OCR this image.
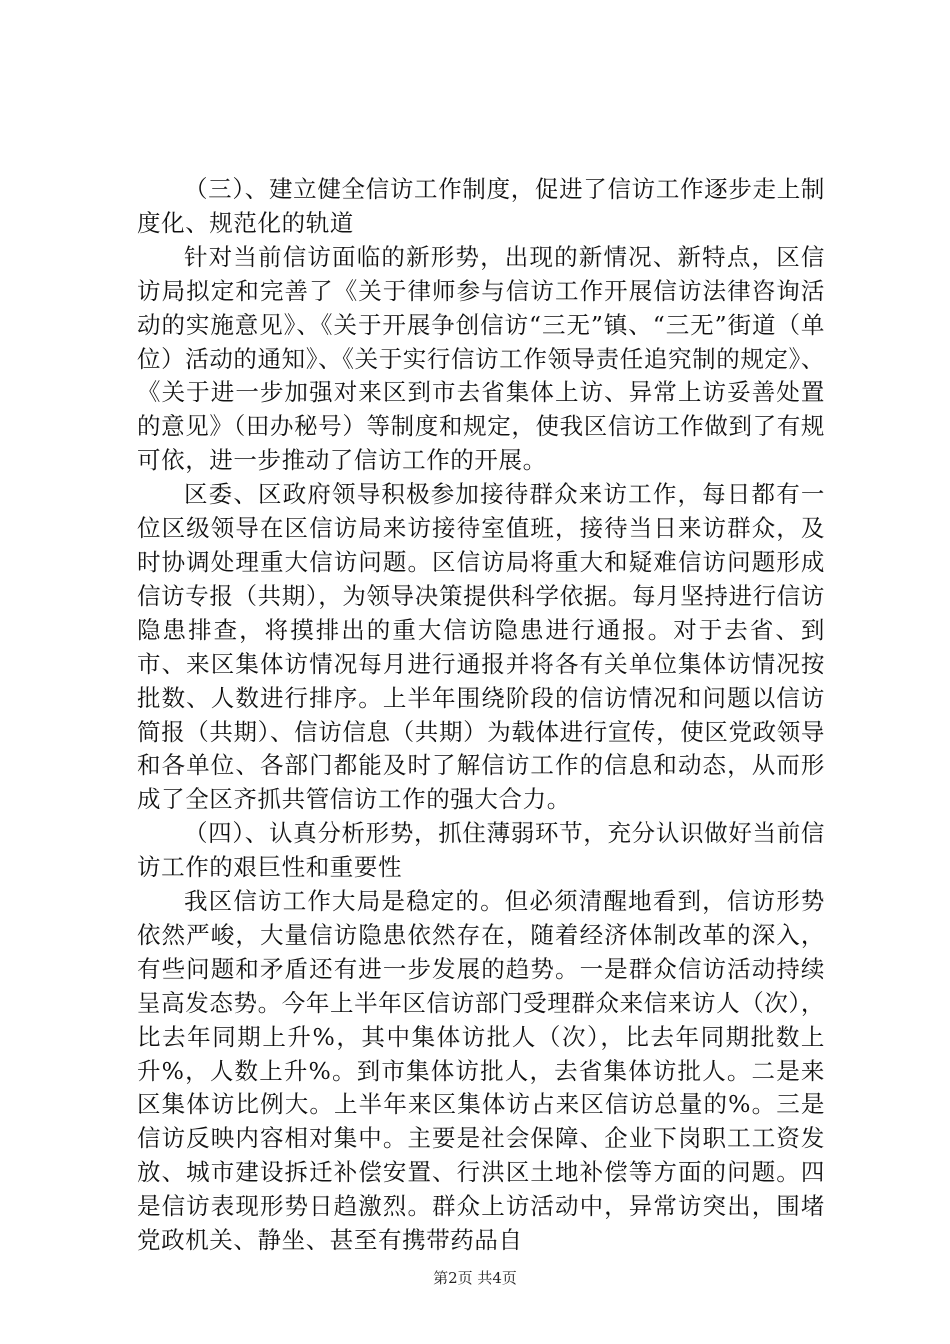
（三）、建立健全信访工作制度，促进了信访工作逐步走上制度化、规范化的轨道

针对当前信访面临的新形势，出现的新情况、新特点，区信访局拟定和完善了《关于律师参与信访工作开展信访法律咨询活动的实施意见》、《关于开展争创信访“三无”镇、“三无”街道（单位）活动的通知》、《关于实行信访工作领导责任追究制的规定》、《关于进一步加强对来区到市去省集体上访、异常上访妥善处置的意见》（田办秘号）等制度和规定，使我区信访工作做到了有规可依，进一步推动了信访工作的开展。

区委、区政府领导积极参加接待群众来访工作，每日都有一位区级领导在区信访局来访接待室值班，接待当日来访群众，及时协调处理重大信访问题。区信访局将重大和疑难信访问题形成信访专报（共期），为领导决策提供科学依据。每月坚持进行信访隐患排查，将摸排出的重大信访隐患进行通报。对于去省、到市、来区集体访情况每月进行通报并将各有关单位集体访情况按批数、人数进行排序。上半年围绕阶段的信访情况和问题以信访简报（共期）、信访信息（共期）为载体进行宣传，使区党政领导和各单位、各部门都能及时了解信访工作的信息和动态，从而形成了全区齐抓共管信访工作的强大合力。

（四）、认真分析形势，抓住薄弱环节，充分认识做好当前信访工作的艰巨性和重要性

我区信访工作大局是稳定的。但必须清醒地看到，信访形势依然严峻，大量信访隐患依然存在，随着经济体制改革的深入，有些问题和矛盾还有进一步发展的趋势。一是群众信访活动持续呈高发态势。今年上半年区信访部门受理群众来信来访人（次），比去年同期上升%，其中集体访批人（次），比去年同期批数上升%，人数上升%。到市集体访批人，去省集体访批人。二是来区集体访比例大。上半年来区集体访占来区信访总量的%。三是信访反映内容相对集中。主要是社会保障、企业下岗职工工资发放、城市建设拆迁补偿安置、行洪区土地补偿等方面的问题。四是信访表现形势日趋激烈。群众上访活动中，异常访突出，围堵党政机关、静坐、甚至有携带药品自

第2页 共4页
